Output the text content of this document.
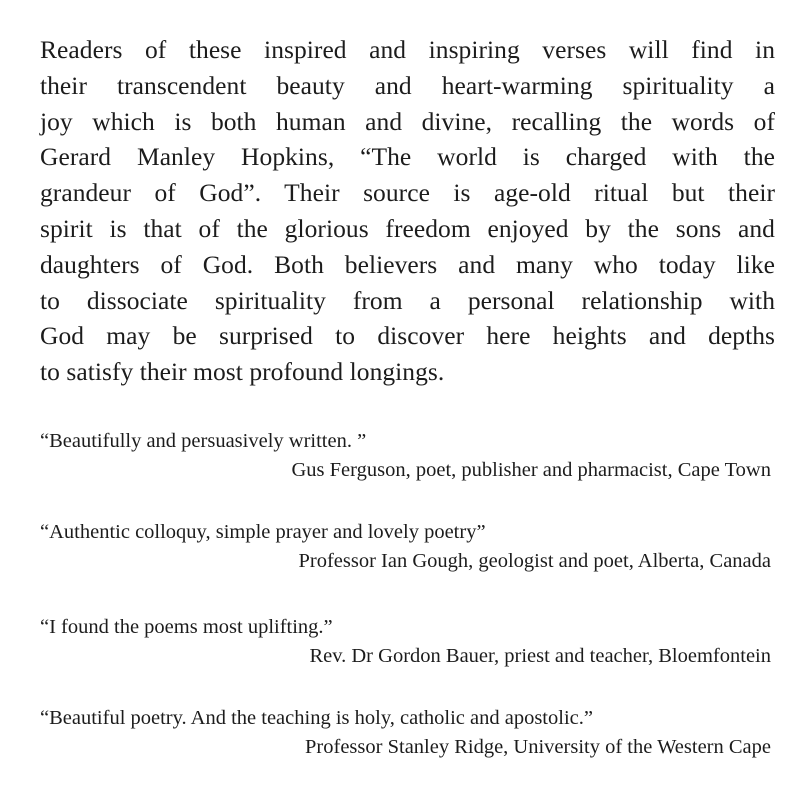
Readers of these inspired and inspiring verses will find in
their transcendent beauty and heart-warming spirituality a
joy which is both human and divine, recalling the words of
Gerard Manley Hopkins, “The world is charged with the
grandeur of God”. Their source is age-old ritual but their
spirit is that of the glorious freedom enjoyed by the sons and
daughters of God. Both believers and many who today like
to dissociate spirituality from a personal relationship with
God may be surprised to discover here heights and depths
to satisfy their most profound longings.
“Beautifully and persuasively written. ”
Gus Ferguson, poet, publisher and pharmacist, Cape Town
“Authentic colloquy, simple prayer and lovely poetry”
Professor Ian Gough, geologist and poet, Alberta, Canada
“I found the poems most uplifting.”
Rev. Dr Gordon Bauer, priest and teacher, Bloemfontein
“Beautiful poetry. And the teaching is holy, catholic and apostolic.”
Professor Stanley Ridge, University of the Western Cape
